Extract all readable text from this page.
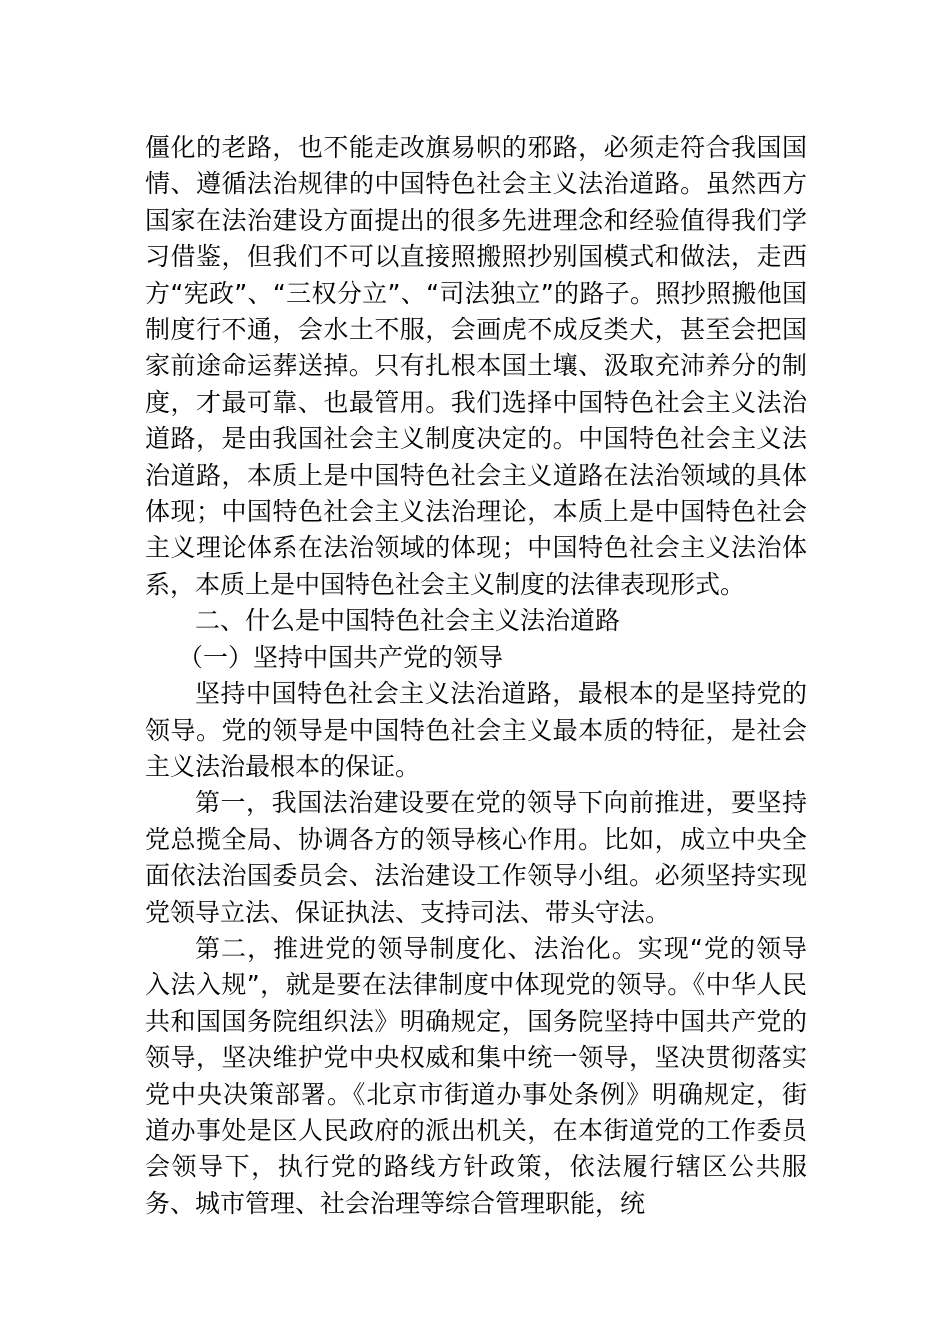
僵化的老路，也不能走改旗易帜的邪路，必须走符合我国国情、遵循法治规律的中国特色社会主义法治道路。虽然西方国家在法治建设方面提出的很多先进理念和经验值得我们学习借鉴，但我们不可以直接照搬照抄别国模式和做法，走西方“宪政”、“三权分立”、“司法独立”的路子。照抄照搬他国制度行不通，会水土不服，会画虎不成反类犬，甚至会把国家前途命运葬送掉。只有扎根本国土壤、汲取充沛养分的制度，才最可靠、也最管用。我们选择中国特色社会主义法治道路，是由我国社会主义制度决定的。中国特色社会主义法治道路，本质上是中国特色社会主义道路在法治领域的具体体现；中国特色社会主义法治理论，本质上是中国特色社会主义理论体系在法治领域的体现；中国特色社会主义法治体系，本质上是中国特色社会主义制度的法律表现形式。

二、什么是中国特色社会主义法治道路

（一）坚持中国共产党的领导

坚持中国特色社会主义法治道路，最根本的是坚持党的领导。党的领导是中国特色社会主义最本质的特征，是社会主义法治最根本的保证。

第一，我国法治建设要在党的领导下向前推进，要坚持党总揽全局、协调各方的领导核心作用。比如，成立中央全面依法治国委员会、法治建设工作领导小组。必须坚持实现党领导立法、保证执法、支持司法、带头守法。

第二，推进党的领导制度化、法治化。实现“党的领导入法入规”，就是要在法律制度中体现党的领导。《中华人民共和国国务院组织法》明确规定，国务院坚持中国共产党的领导，坚决维护党中央权威和集中统一领导，坚决贯彻落实党中央决策部署。《北京市街道办事处条例》明确规定，街道办事处是区人民政府的派出机关，在本街道党的工作委员会领导下，执行党的路线方针政策，依法履行辖区公共服务、城市管理、社会治理等综合管理职能，统
